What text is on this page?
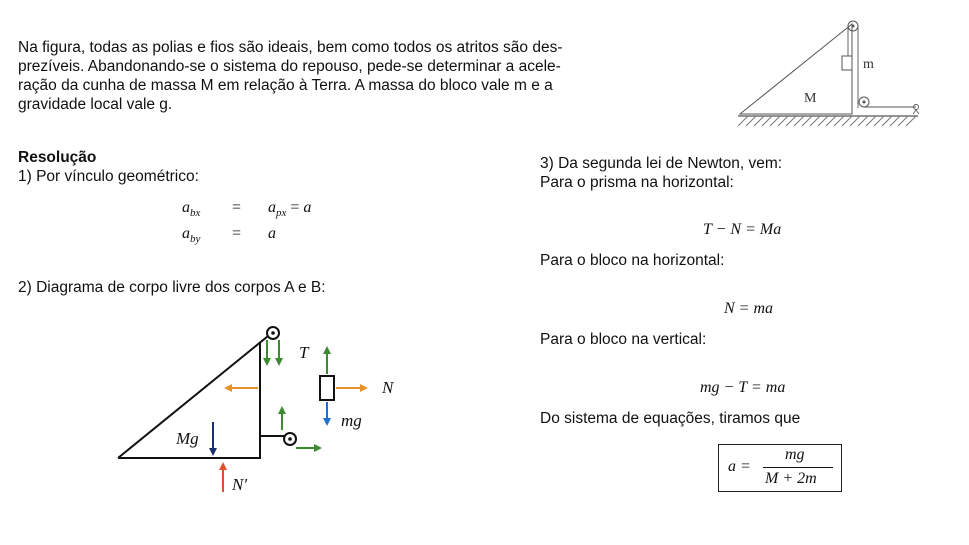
Na figura, todas as polias e fios são ideais, bem como todos os atritos são des-
prezíveis. Abandonando-se o sistema do repouso, pede-se determinar a acele-
ração da cunha de massa M em relação à Terra. A massa do bloco vale m e a
gravidade local vale g.	M
m
Resolução
1) Por vínculo geométrico:
$a_{bx} = a_{px} = a$
$a_{by} = a$
2) Diagrama de corpo livre dos corpos A e B:
T
N
mg
Mg
N′
3) Da segunda lei de Newton, vem:
Para o prisma na horizontal:
T − N = Ma
Para o bloco na horizontal:
N = ma
Para o bloco na vertical:
mg − T = ma
Do sistema de equações, tiramos que
a =
mg
M + 2m
